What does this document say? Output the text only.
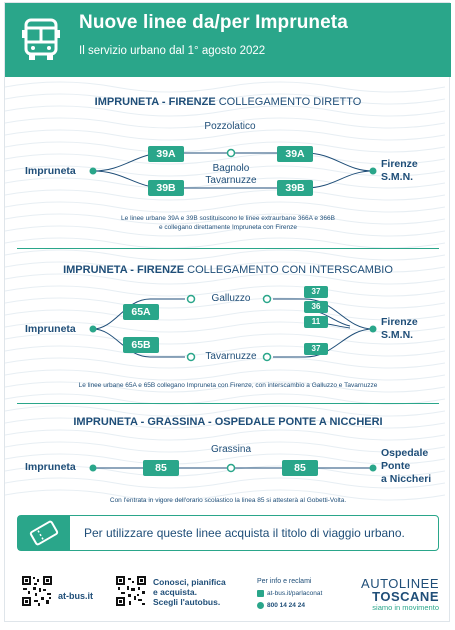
Nuove linee da/per Impruneta
Il servizio urbano dal 1° agosto 2022
IMPRUNETA - FIRENZE COLLEGAMENTO DIRETTO
Impruneta
Firenze
S.M.N.
Pozzolatico
Bagnolo
Tavarnuzze
39A	39A
39B	39B
Le linee urbane 39A e 39B sostituiscono le linee extraurbane 366A e 366B
e collegano direttamente Impruneta con Firenze
IMPRUNETA - FIRENZE COLLEGAMENTO CON INTERSCAMBIO
Impruneta
Firenze
S.M.N.
Galluzzo
Tavarnuzze
65A
65B
37
36
11
37
Le linee urbane 65A e 65B collegano Impruneta con Firenze, con interscambio a Galluzzo e Tavarnuzze
IMPRUNETA - GRASSINA - OSPEDALE PONTE A NICCHERI
Impruneta
Ospedale
Ponte
a Niccheri
Grassina
85	85
Con l'entrata in vigore dell'orario scolastico la linea 85 si attesterà al Gobetti-Volta.
Per utilizzare queste linee acquista il titolo di viaggio urbano.
at-bus.it
Conosci, pianifica
e acquista.
Scegli l'autobus.
Per info e reclami
at-bus.it/parlaconat
800 14 24 24
AUTOLINEE
TOSCANE
siamo in movimento
